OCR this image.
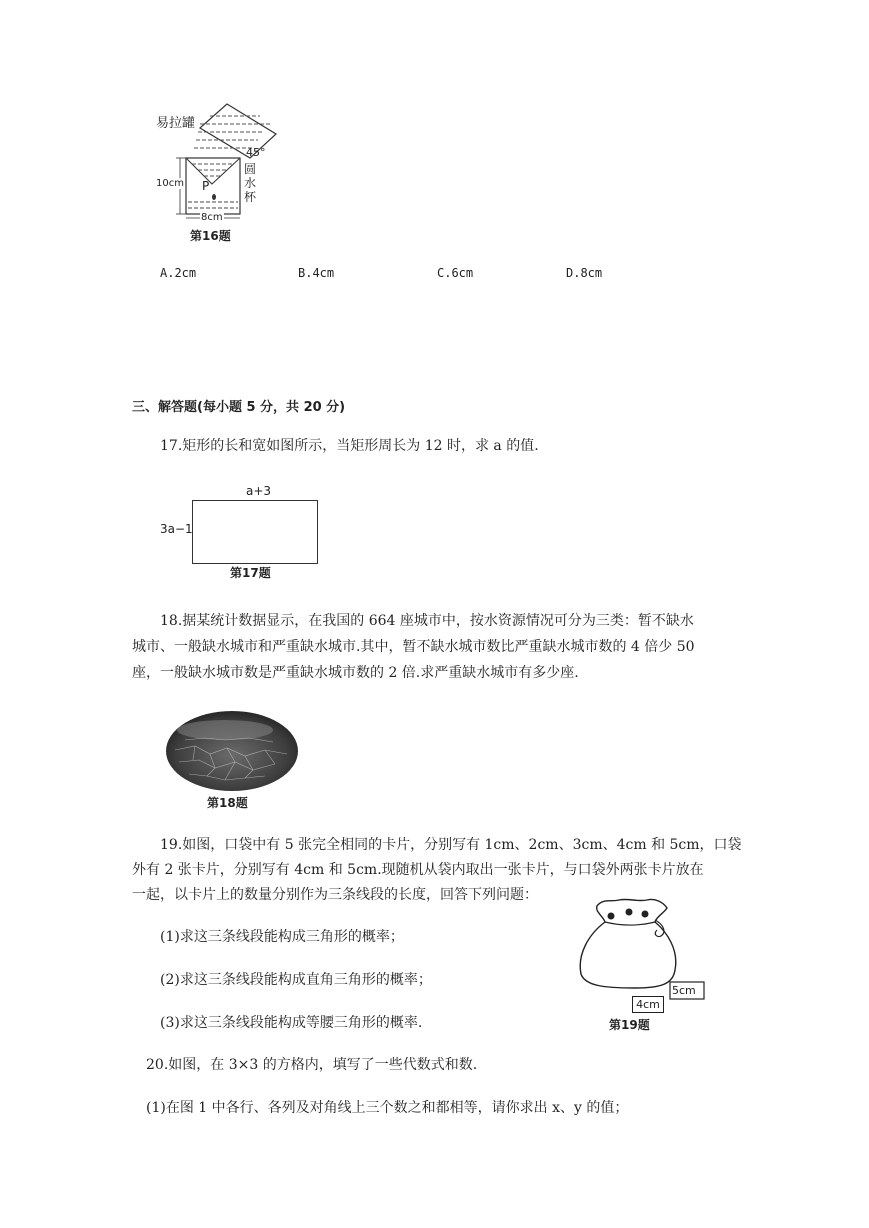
易拉罐
45°
P
圆水杯
10cm
8cm
第16题
A.2cm	B.4cm	C.6cm	D.8cm
三、解答题(每小题 5 分，共 20 分)
17.矩形的长和宽如图所示，当矩形周长为 12 时，求 a 的值.
a+3
3a−1
第17题
18.据某统计数据显示，在我国的 664 座城市中，按水资源情况可分为三类：暂不缺水
城市、一般缺水城市和严重缺水城市.其中，暂不缺水城市数比严重缺水城市数的 4 倍少 50
座，一般缺水城市数是严重缺水城市数的 2 倍.求严重缺水城市有多少座.
第18题
19.如图，口袋中有 5 张完全相同的卡片，分别写有 1cm、2cm、3cm、4cm 和 5cm，口袋
外有 2 张卡片，分别写有 4cm 和 5cm.现随机从袋内取出一张卡片，与口袋外两张卡片放在
一起，以卡片上的数量分别作为三条线段的长度，回答下列问题：
(1)求这三条线段能构成三角形的概率；
(2)求这三条线段能构成直角三角形的概率；
(3)求这三条线段能构成等腰三角形的概率.
5cm
4cm
第19题
20.如图，在 3×3 的方格内，填写了一些代数式和数.
(1)在图 1 中各行、各列及对角线上三个数之和都相等，请你求出 x、y 的值；
